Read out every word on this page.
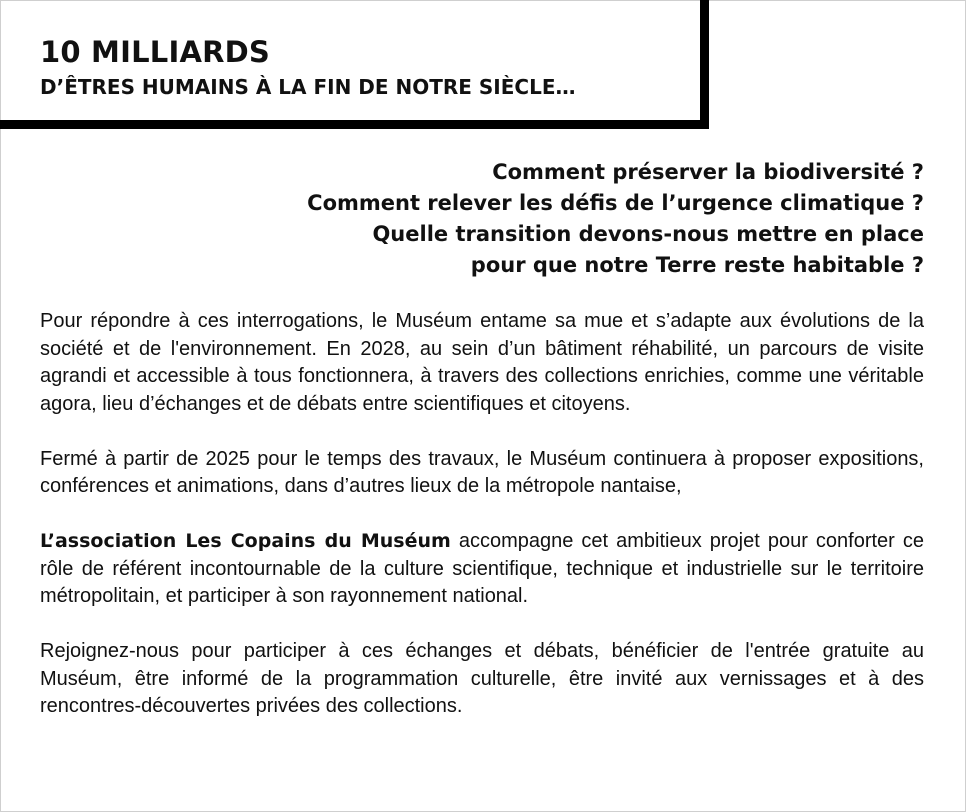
10 MILLIARDS
D’ÊTRES HUMAINS À LA FIN DE NOTRE SIÈCLE…
Comment préserver la biodiversité ?
Comment relever les défis de l’urgence climatique ?
Quelle transition devons-nous mettre en place
pour que notre Terre reste habitable ?

Pour répondre à ces interrogations, le Muséum entame sa mue et s’adapte aux évolutions de la société et de l'environnement. En 2028, au sein d’un bâtiment réhabilité, un parcours de visite agrandi et accessible à tous fonctionnera, à travers des collections enrichies, comme une véritable agora, lieu d’échanges et de débats entre scientifiques et citoyens.

Fermé à partir de 2025 pour le temps des travaux, le Muséum continuera à proposer expositions, conférences et animations, dans d’autres lieux de la métropole nantaise,

L’association Les Copains du Muséum accompagne cet ambitieux projet pour conforter ce rôle de référent incontournable de la culture scientifique, technique et industrielle sur le territoire métropolitain, et participer à son rayonnement national.

Rejoignez-nous pour participer à ces échanges et débats, bénéficier de l'entrée gratuite au Muséum, être informé de la programmation culturelle, être invité aux vernissages et à des rencontres-découvertes privées des collections.
